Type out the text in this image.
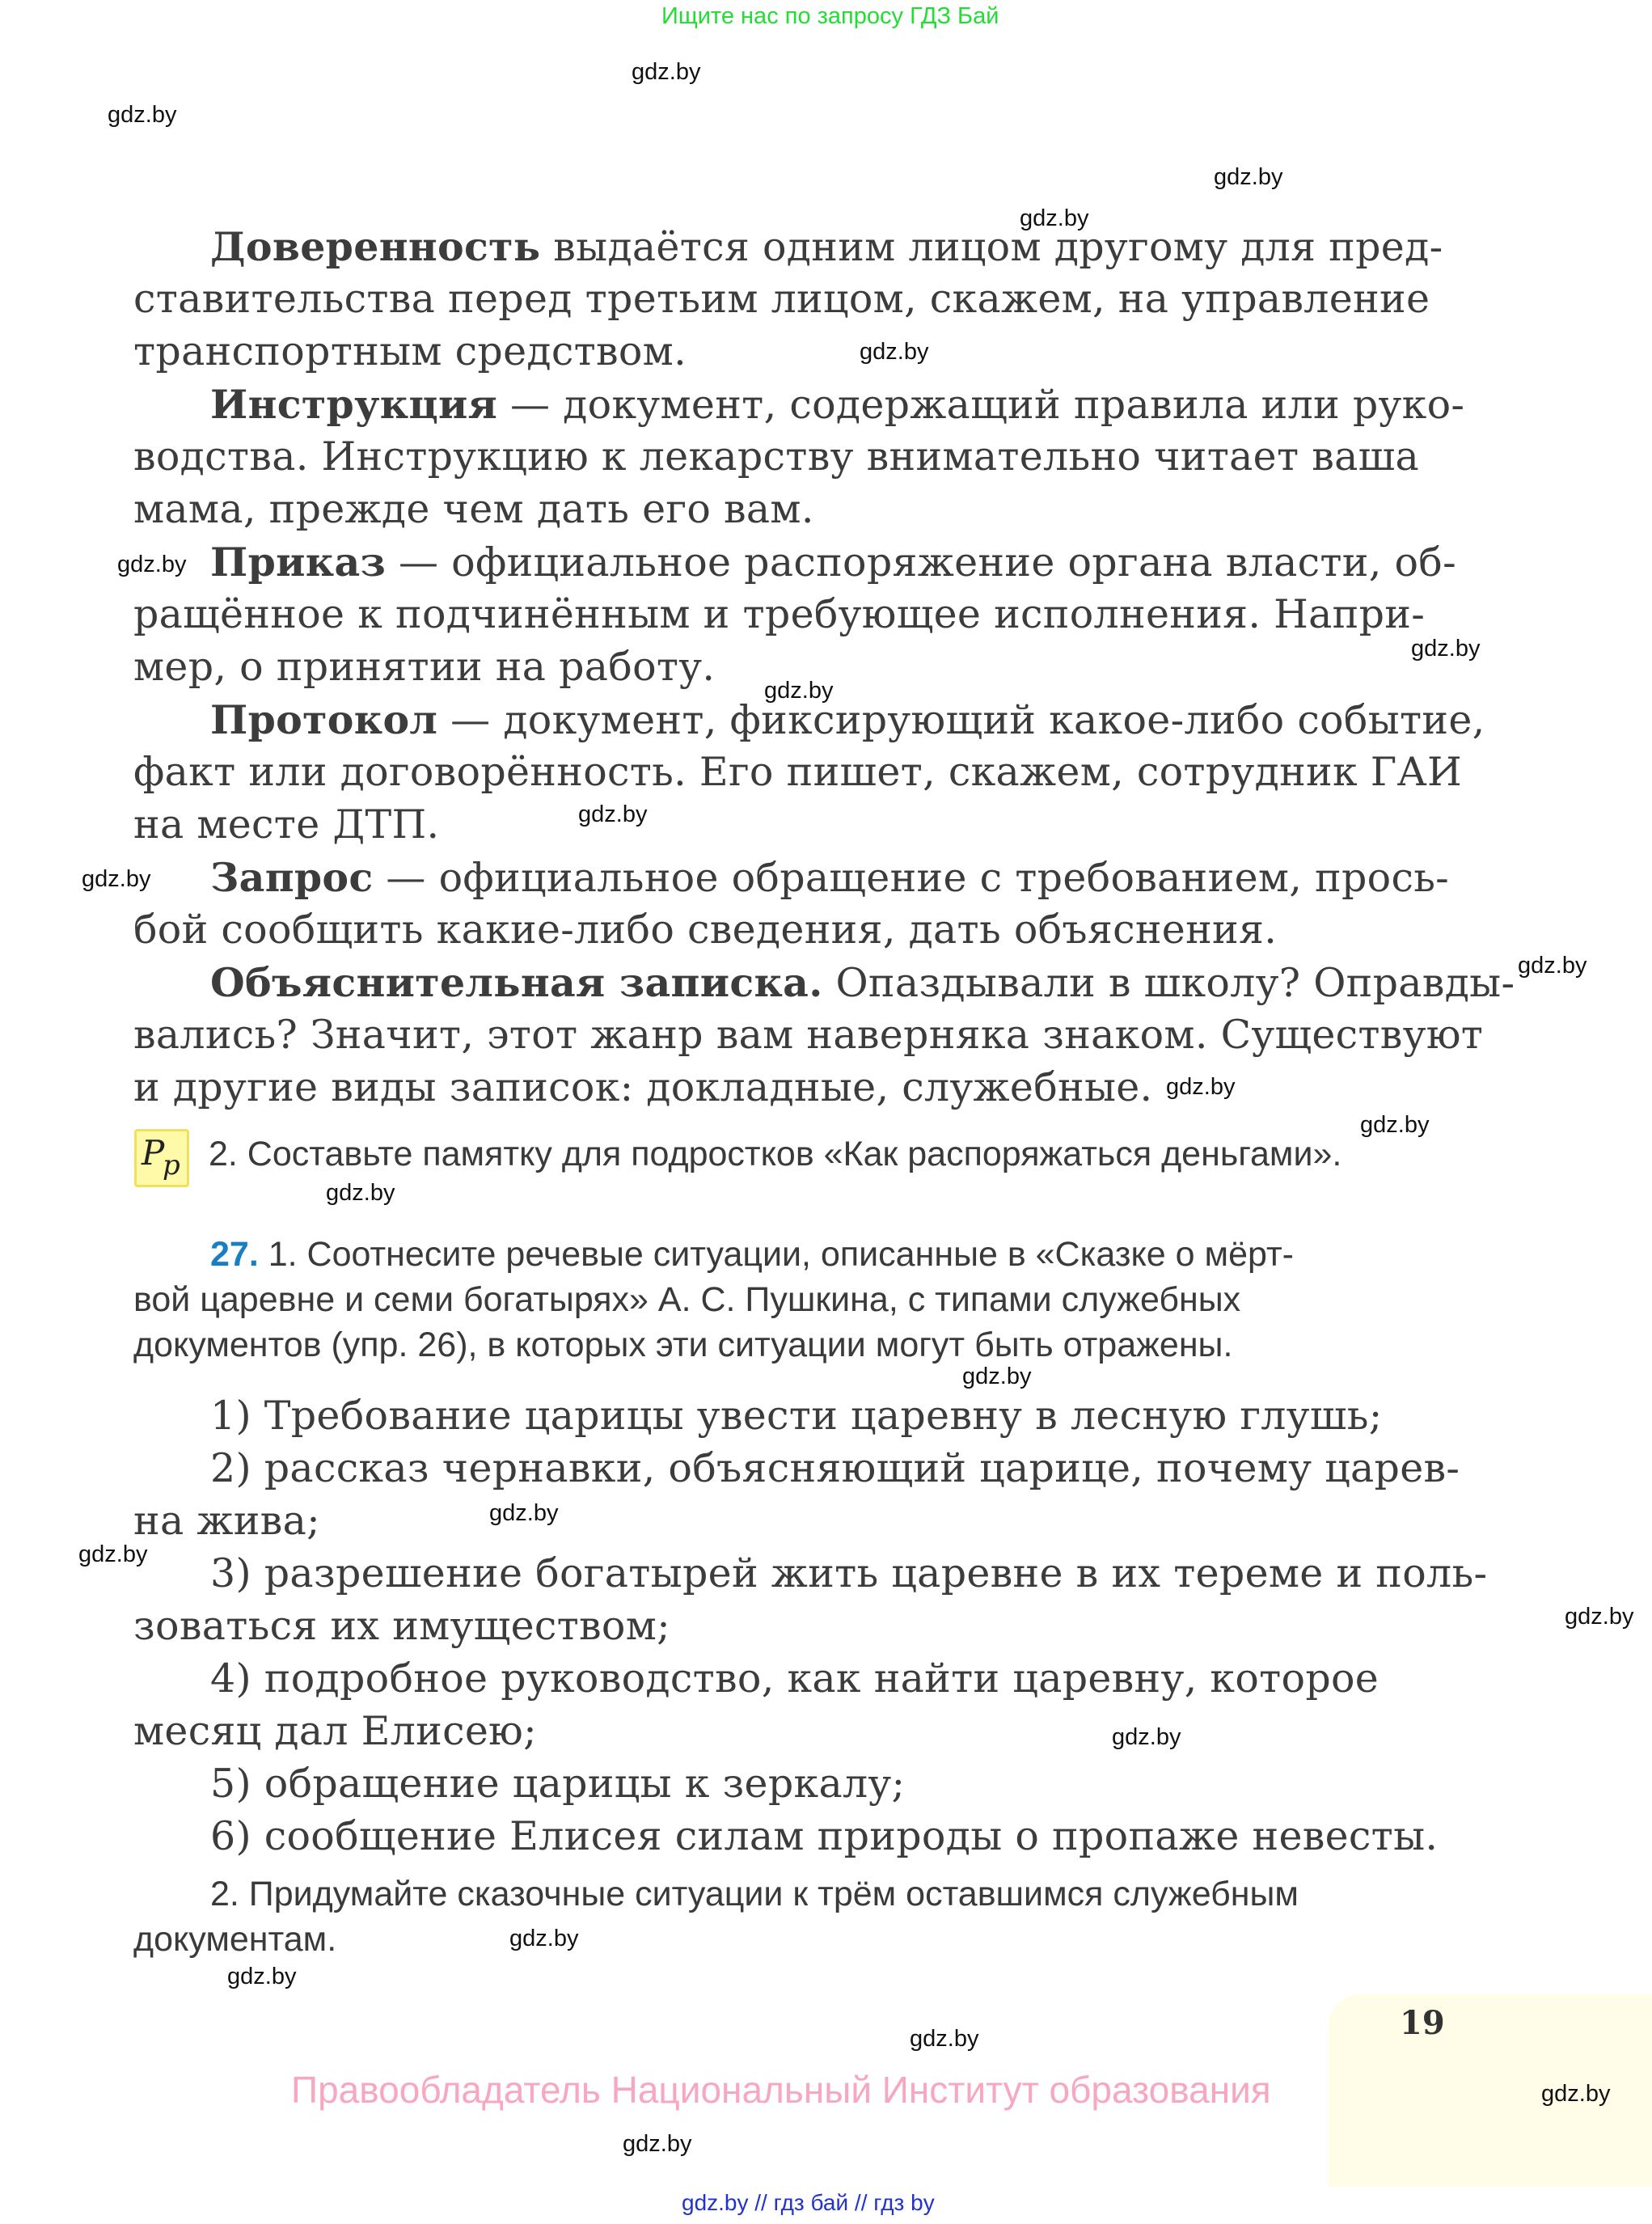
Ищите нас по запросу ГДЗ Бай
19
Доверенность выдаётся одним лицом другому для пред-
ставительства перед третьим лицом, скажем, на управление
транспортным средством.
Инструкция — документ, содержащий правила или руко-
водства. Инструкцию к лекарству внимательно читает ваша
мама, прежде чем дать его вам.
Приказ — официальное распоряжение органа власти, об-
ращённое к подчинённым и требующее исполнения. Напри-
мер, о принятии на работу.
Протокол — документ, фиксирующий какое-либо событие,
факт или договорённость. Его пишет, скажем, сотрудник ГАИ
на месте ДТП.
Запрос — официальное обращение с требованием, прось-
бой сообщить какие-либо сведения, дать объяснения.
Объяснительная записка. Опаздывали в школу? Оправды-
вались? Значит, этот жанр вам наверняка знаком. Существуют
и другие виды записок: докладные, служебные.
P
p 2. Составьте памятку для подростков «Как распоряжаться деньгами».
27. 1. Соотнесите речевые ситуации, описанные в «Сказке о мёрт-
вой царевне и семи богатырях» А. С. Пушкина, с типами служебных
документов (упр. 26), в которых эти ситуации могут быть отражены.
1) Требование царицы увести царевну в лесную глушь;
2) рассказ чернавки, объясняющий царице, почему царев-
на жива;
3) разрешение богатырей жить царевне в их тереме и поль-
зоваться их имуществом;
4) подробное руководство, как найти царевну, которое
месяц дал Елисею;
5) обращение царицы к зеркалу;
6) сообщение Елисея силам природы о пропаже невесты.
2. Придумайте сказочные ситуации к трём оставшимся служебным
документам.
Правообладатель Национальный Институт образования
gdz.by // гдз бай // гдз by
gdz.by
gdz.by
gdz.by
gdz.by
gdz.by
gdz.by
gdz.by
gdz.by
gdz.by
gdz.by
gdz.by
gdz.by
gdz.by
gdz.by
gdz.by
gdz.by
gdz.by
gdz.by
gdz.by
gdz.by
gdz.by
gdz.by
gdz.by
gdz.by
